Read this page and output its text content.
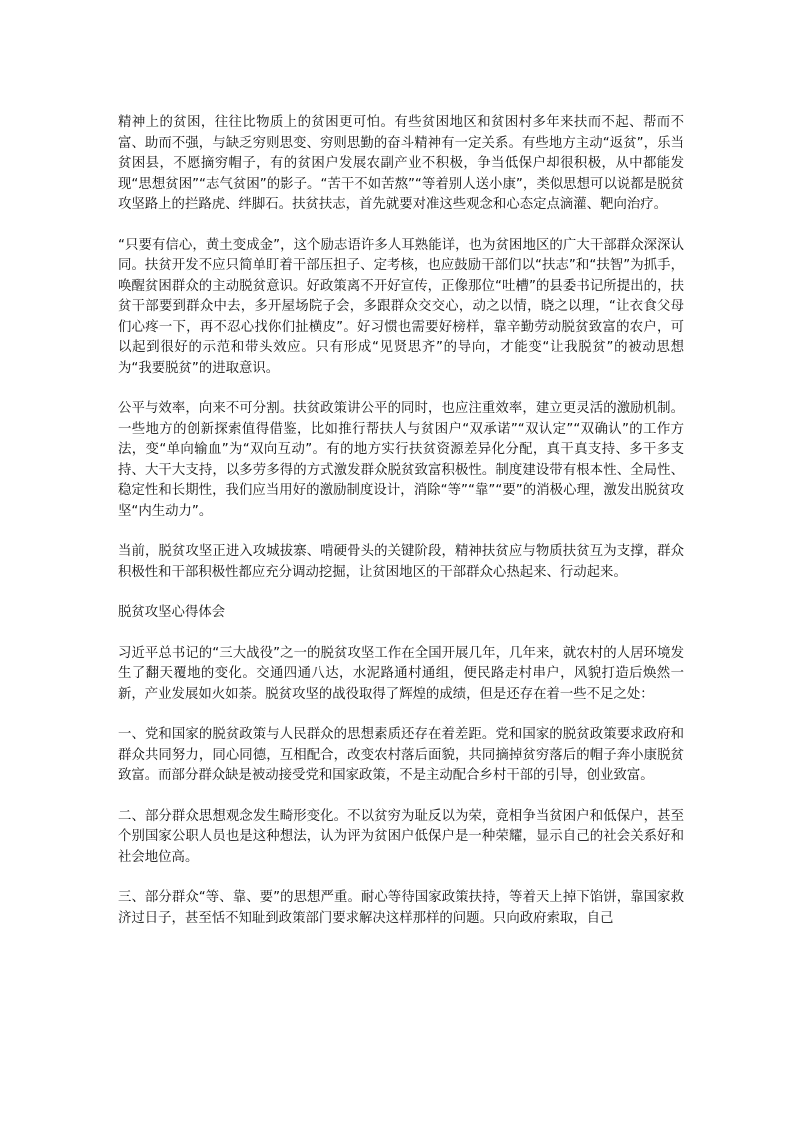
精神上的贫困，往往比物质上的贫困更可怕。有些贫困地区和贫困村多年来扶而不起、帮而不富、助而不强，与缺乏穷则思变、穷则思勤的奋斗精神有一定关系。有些地方主动“返贫”，乐当贫困县，不愿摘穷帽子，有的贫困户发展农副产业不积极，争当低保户却很积极，从中都能发现“思想贫困”“志气贫困”的影子。“苦干不如苦熬”“等着别人送小康”，类似思想可以说都是脱贫攻坚路上的拦路虎、绊脚石。扶贫扶志，首先就要对准这些观念和心态定点滴灌、靶向治疗。

“只要有信心，黄土变成金”，这个励志语许多人耳熟能详，也为贫困地区的广大干部群众深深认同。扶贫开发不应只简单盯着干部压担子、定考核，也应鼓励干部们以“扶志”和“扶智”为抓手，唤醒贫困群众的主动脱贫意识。好政策离不开好宣传，正像那位“吐槽”的县委书记所提出的，扶贫干部要到群众中去，多开屋场院子会，多跟群众交交心，动之以情，晓之以理，“让衣食父母们心疼一下，再不忍心找你们扯横皮”。好习惯也需要好榜样，靠辛勤劳动脱贫致富的农户，可以起到很好的示范和带头效应。只有形成“见贤思齐”的导向，才能变“让我脱贫”的被动思想为“我要脱贫”的进取意识。

公平与效率，向来不可分割。扶贫政策讲公平的同时，也应注重效率，建立更灵活的激励机制。一些地方的创新探索值得借鉴，比如推行帮扶人与贫困户“双承诺”“双认定”“双确认”的工作方法，变“单向输血”为“双向互动”。有的地方实行扶贫资源差异化分配，真干真支持、多干多支持、大干大支持，以多劳多得的方式激发群众脱贫致富积极性。制度建设带有根本性、全局性、稳定性和长期性，我们应当用好的激励制度设计，消除“等”“靠”“要”的消极心理，激发出脱贫攻坚“内生动力”。

当前，脱贫攻坚正进入攻城拔寨、啃硬骨头的关键阶段，精神扶贫应与物质扶贫互为支撑，群众积极性和干部积极性都应充分调动挖掘，让贫困地区的干部群众心热起来、行动起来。

脱贫攻坚心得体会

习近平总书记的“三大战役”之一的脱贫攻坚工作在全国开展几年，几年来，就农村的人居环境发生了翻天覆地的变化。交通四通八达，水泥路通村通组，便民路走村串户，风貌打造后焕然一新，产业发展如火如荼。脱贫攻坚的战役取得了辉煌的成绩，但是还存在着一些不足之处：

一、党和国家的脱贫政策与人民群众的思想素质还存在着差距。党和国家的脱贫政策要求政府和群众共同努力，同心同德，互相配合，改变农村落后面貌，共同摘掉贫穷落后的帽子奔小康脱贫致富。而部分群众缺是被动接受党和国家政策，不是主动配合乡村干部的引导，创业致富。

二、部分群众思想观念发生畸形变化。不以贫穷为耻反以为荣，竟相争当贫困户和低保户，甚至个别国家公职人员也是这种想法，认为评为贫困户低保户是一种荣耀，显示自己的社会关系好和社会地位高。

三、部分群众“等、靠、要”的思想严重。耐心等待国家政策扶持，等着天上掉下馅饼，靠国家救济过日子，甚至恬不知耻到政策部门要求解决这样那样的问题。只向政府索取，自己
